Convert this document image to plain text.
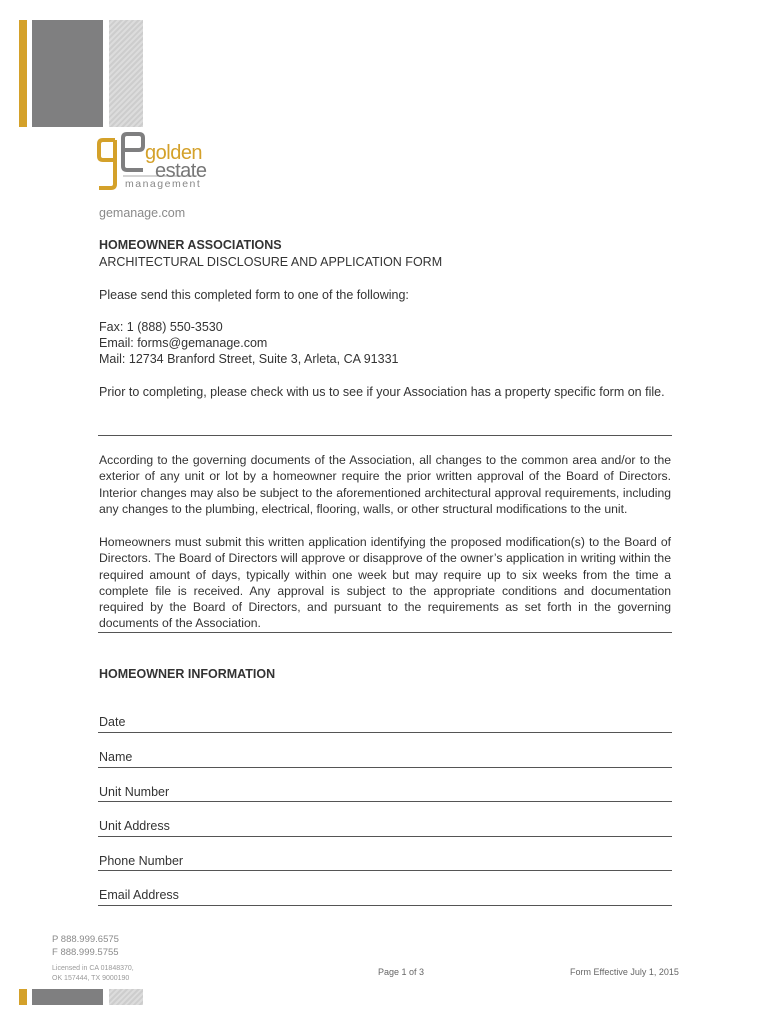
golden
estate
management
gemanage.com
HOMEOWNER ASSOCIATIONS
ARCHITECTURAL DISCLOSURE AND APPLICATION FORM
Please send this completed form to one of the following:
Fax: 1 (888) 550-3530
Email: forms@gemanage.com
Mail: 12734 Branford Street, Suite 3, Arleta, CA 91331
Prior to completing, please check with us to see if your Association has a property specific form on file.
According to the governing documents of the Association, all changes to the common area and/or to the exterior of any unit or lot by a homeowner require the prior written approval of the Board of Directors. Interior changes may also be subject to the aforementioned architectural approval requirements, including any changes to the plumbing, electrical, flooring, walls, or other structural modifications to the unit.
Homeowners must submit this written application identifying the proposed modification(s) to the Board of Directors. The Board of Directors will approve or disapprove of the owner’s application in writing within the required amount of days, typically within one week but may require up to six weeks from the time a complete file is received. Any approval is subject to the appropriate conditions and documentation required by the Board of Directors, and pursuant to the requirements as set forth in the governing documents of the Association.
HOMEOWNER INFORMATION
Date
Name
Unit Number
Unit Address
Phone Number
Email Address
P 888.999.6575
F 888.999.5755
Licensed in CA 01848370,
OK 157444, TX 9000190
Page 1 of 3	Form Effective July 1, 2015
